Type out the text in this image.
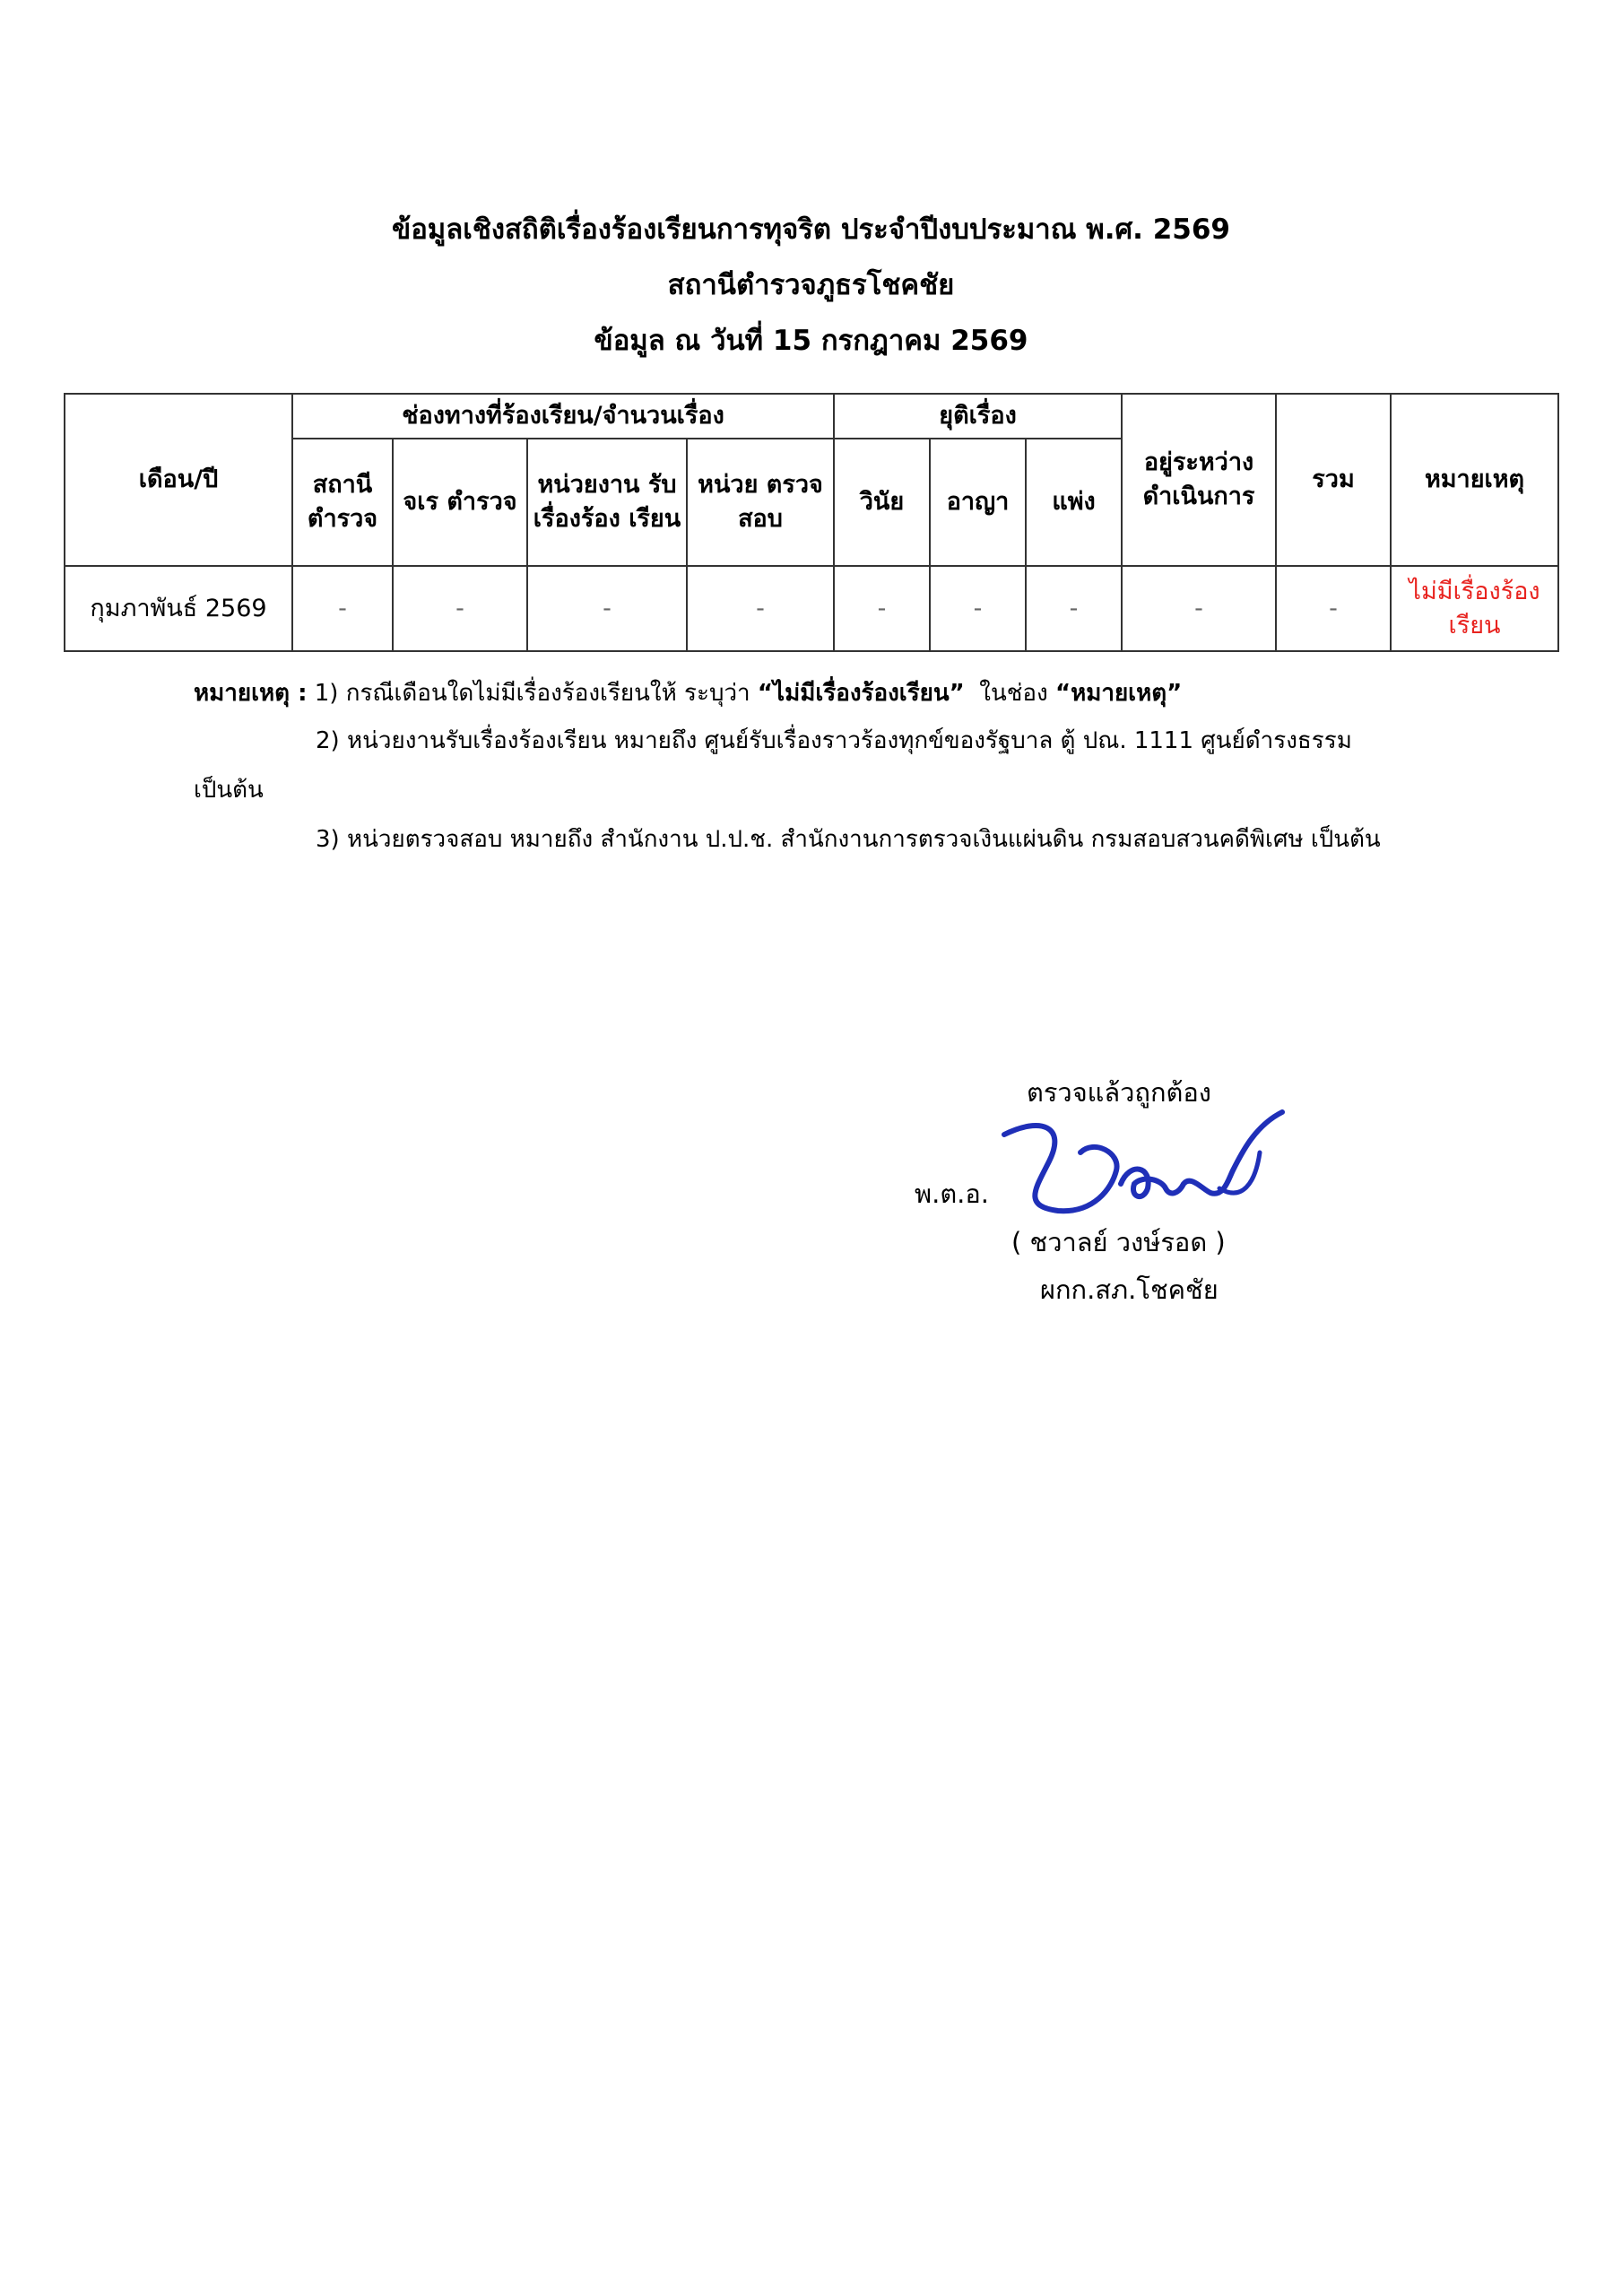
ข้อมูลเชิงสถิติเรื่องร้องเรียนการทุจริต ประจำปีงบประมาณ พ.ศ. 2569
สถานีตำรวจภูธรโชคชัย
ข้อมูล ณ วันที่ 15 กรกฎาคม 2569
เดือน/ปี	ช่องทางที่ร้องเรียน/จำนวนเรื่อง				ยุติเรื่อง			อยู่ระหว่าง ดำเนินการ	รวม	หมายเหตุ
	สถานี ตำรวจ	จเร ตำรวจ	หน่วยงาน รับเรื่องร้อง เรียน	หน่วย ตรวจสอบ	วินัย	อาญา	แพ่ง			
กุมภาพันธ์ 2569	-	-	-	-	-	-	-	-	-	ไม่มีเรื่องร้อง เรียน
หมายเหตุ : 1) กรณีเดือนใดไม่มีเรื่องร้องเรียนให้ ระบุว่า “ไม่มีเรื่องร้องเรียน” ในช่อง “หมายเหตุ”
2) หน่วยงานรับเรื่องร้องเรียน หมายถึง ศูนย์รับเรื่องราวร้องทุกข์ของรัฐบาล ตู้ ปณ. 1111 ศูนย์ดำรงธรรม
เป็นต้น
3) หน่วยตรวจสอบ หมายถึง สำนักงาน ป.ป.ช. สำนักงานการตรวจเงินแผ่นดิน กรมสอบสวนคดีพิเศษ เป็นต้น
ตรวจแล้วถูกต้อง
พ.ต.อ.
( ชวาลย์ วงษ์รอด )
ผกก.สภ.โชคชัย
